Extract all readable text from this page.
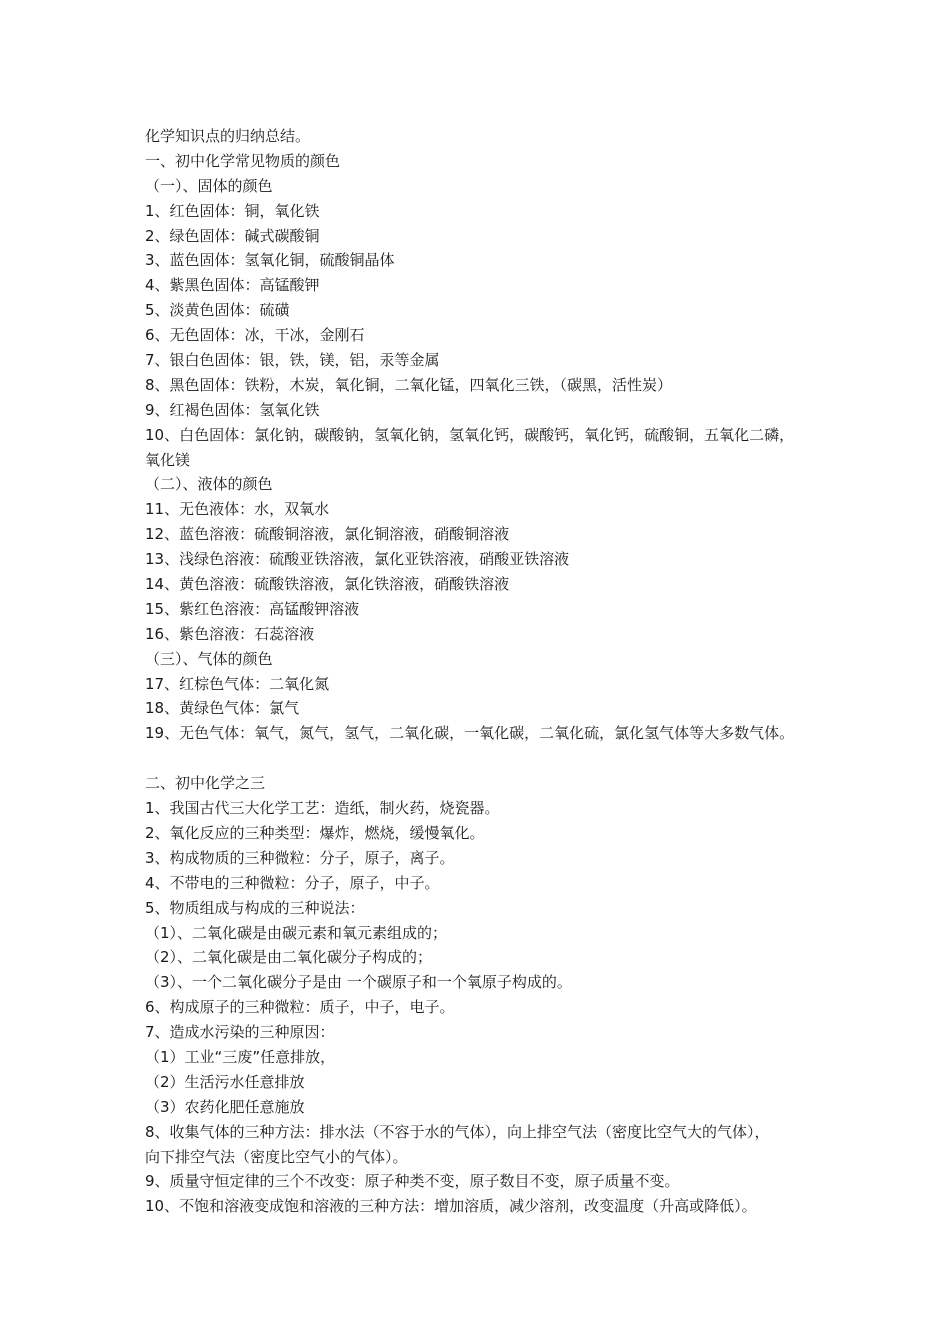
化学知识点的归纳总结。
一、初中化学常见物质的颜色
（一）、固体的颜色
1、红色固体：铜，氧化铁
2、绿色固体：碱式碳酸铜
3、蓝色固体：氢氧化铜，硫酸铜晶体
4、紫黑色固体：高锰酸钾
5、淡黄色固体：硫磺
6、无色固体：冰，干冰，金刚石
7、银白色固体：银，铁，镁，铝，汞等金属
8、黑色固体：铁粉，木炭，氧化铜，二氧化锰，四氧化三铁，（碳黑，活性炭）
9、红褐色固体：氢氧化铁
10、白色固体：氯化钠，碳酸钠，氢氧化钠，氢氧化钙，碳酸钙，氧化钙，硫酸铜，五氧化二磷，
氧化镁
（二）、液体的颜色
11、无色液体：水，双氧水
12、蓝色溶液：硫酸铜溶液，氯化铜溶液，硝酸铜溶液
13、浅绿色溶液：硫酸亚铁溶液，氯化亚铁溶液，硝酸亚铁溶液
14、黄色溶液：硫酸铁溶液，氯化铁溶液，硝酸铁溶液
15、紫红色溶液：高锰酸钾溶液
16、紫色溶液：石蕊溶液
（三）、气体的颜色
17、红棕色气体：二氧化氮
18、黄绿色气体：氯气
19、无色气体：氧气，氮气，氢气，二氧化碳，一氧化碳，二氧化硫，氯化氢气体等大多数气体。
二、初中化学之三
1、我国古代三大化学工艺：造纸，制火药，烧瓷器。
2、氧化反应的三种类型：爆炸，燃烧，缓慢氧化。
3、构成物质的三种微粒：分子，原子，离子。
4、不带电的三种微粒：分子，原子，中子。
5、物质组成与构成的三种说法：
（1）、二氧化碳是由碳元素和氧元素组成的；
（2）、二氧化碳是由二氧化碳分子构成的；
（3）、一个二氧化碳分子是由 一个碳原子和一个氧原子构成的。
6、构成原子的三种微粒：质子，中子，电子。
7、造成水污染的三种原因：
（1）工业“三废”任意排放，
（2）生活污水任意排放
（3）农药化肥任意施放
8、收集气体的三种方法：排水法（不容于水的气体），向上排空气法（密度比空气大的气体），
向下排空气法（密度比空气小的气体）。
9、质量守恒定律的三个不改变：原子种类不变，原子数目不变，原子质量不变。
10、不饱和溶液变成饱和溶液的三种方法：增加溶质，减少溶剂，改变温度（升高或降低）。
